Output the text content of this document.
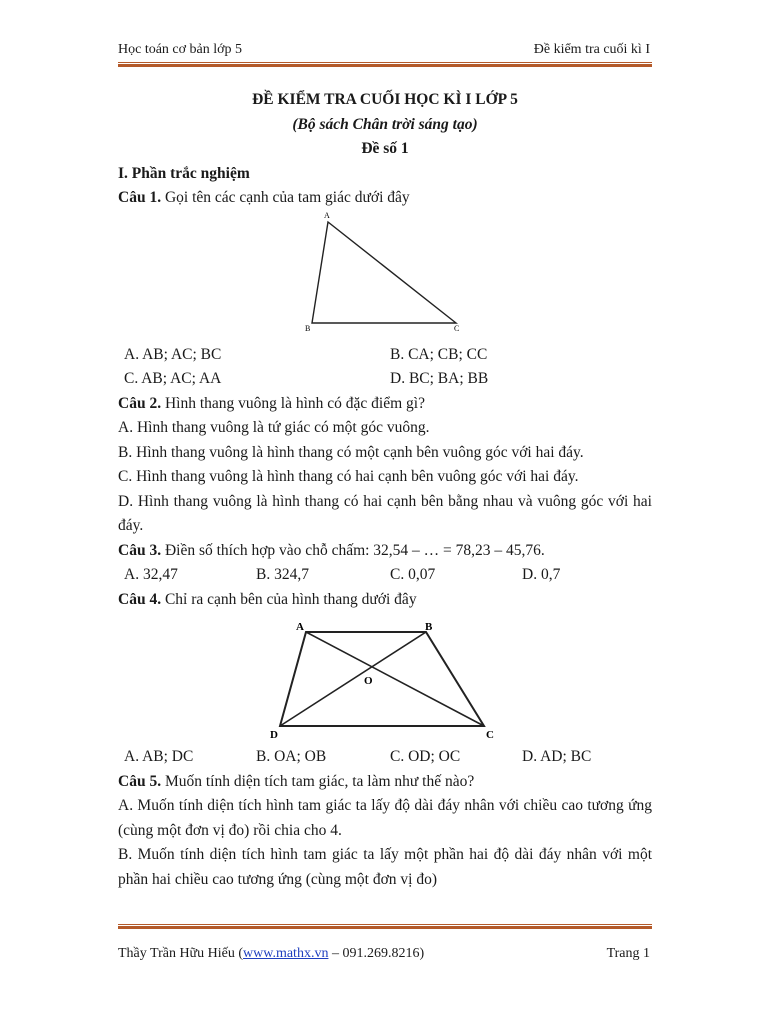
Học toán cơ bản lớp 5	Đề kiểm tra cuối kì I

ĐỀ KIỂM TRA CUỐI HỌC KÌ I LỚP 5

(Bộ sách Chân trời sáng tạo)

Đề số 1

I. Phần trắc nghiệm

Câu 1. Gọi tên các cạnh của tam giác dưới đây

A
B	C
A. AB; AC; BC	B. CA; CB; CC
C. AB; AC; AA	D. BC; BA; BB

Câu 2. Hình thang vuông là hình có đặc điểm gì?

A. Hình thang vuông là tứ giác có một góc vuông.

B. Hình thang vuông là hình thang có một cạnh bên vuông góc với hai đáy.

C. Hình thang vuông là hình thang có hai cạnh bên vuông góc với hai đáy.

D. Hình thang vuông là hình thang có hai cạnh bên bằng nhau và vuông góc với hai đáy.

Câu 3. Điền số thích hợp vào chỗ chấm: 32,54 – … = 78,23 – 45,76.

A. 32,47	B. 324,7	C. 0,07	D. 0,7

Câu 4. Chỉ ra cạnh bên của hình thang dưới đây

A	B
C
D
O
A. AB; DC	B. OA; OB	C. OD; OC	D. AD; BC

Câu 5. Muốn tính diện tích tam giác, ta làm như thế nào?

A. Muốn tính diện tích hình tam giác ta lấy độ dài đáy nhân với chiều cao tương ứng (cùng một đơn vị đo) rồi chia cho 4.

B. Muốn tính diện tích hình tam giác ta lấy một phần hai độ dài đáy nhân với một phần hai chiều cao tương ứng (cùng một đơn vị đo)

Thầy Trần Hữu Hiếu (www.mathx.vn – 091.269.8216)	Trang 1
